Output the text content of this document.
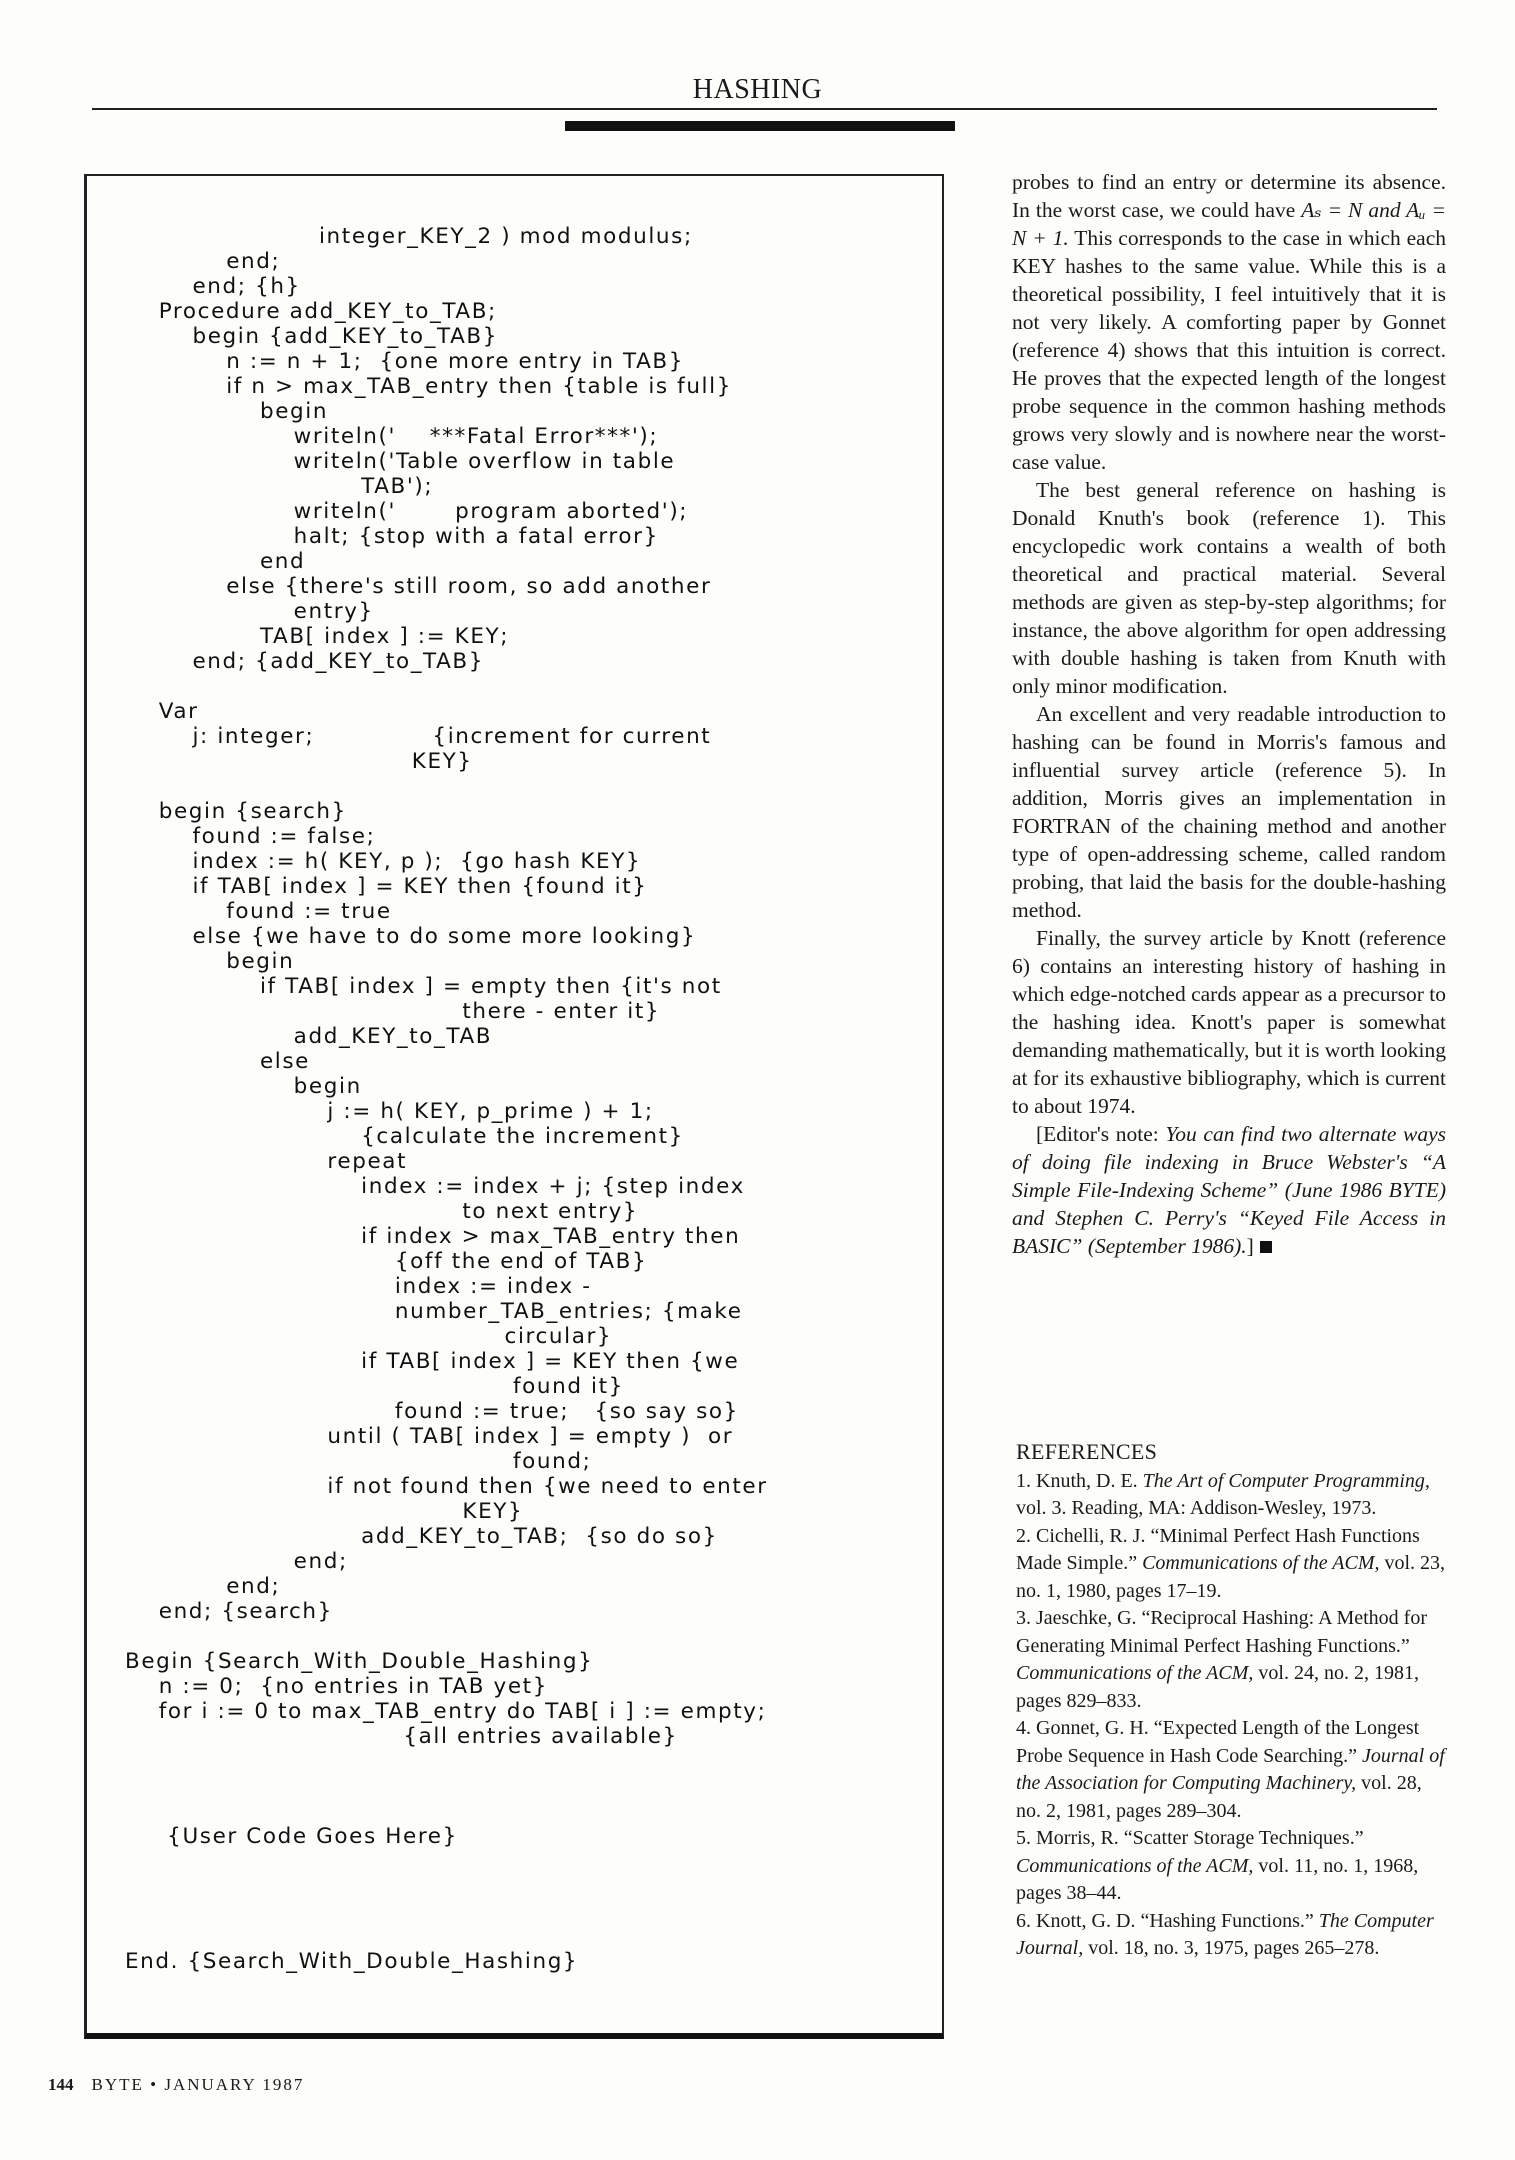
HASHING
integer_KEY_2 ) mod modulus;
end;
end; {h}
Procedure add_KEY_to_TAB;
begin {add_KEY_to_TAB}
n := n + 1;  {one more entry in TAB}
if n > max_TAB_entry then {table is full}
begin
writeln('    ***Fatal Error***');
writeln('Table overflow in table
TAB');
writeln('       program aborted');
halt; {stop with a fatal error}
end
else {there's still room, so add another
entry}
TAB[ index ] := KEY;
end; {add_KEY_to_TAB}

Var
j: integer;              {increment for current
KEY}

begin {search}
found := false;
index := h( KEY, p );  {go hash KEY}
if TAB[ index ] = KEY then {found it}
found := true
else {we have to do some more looking}
begin
if TAB[ index ] = empty then {it's not
there - enter it}
add_KEY_to_TAB
else
begin
j := h( KEY, p_prime ) + 1;
{calculate the increment}
repeat
index := index + j; {step index
to next entry}
if index > max_TAB_entry then
{off the end of TAB}
index := index -
number_TAB_entries; {make
circular}
if TAB[ index ] = KEY then {we
found it}
found := true;   {so say so}
until ( TAB[ index ] = empty )  or
found;
if not found then {we need to enter
KEY}
add_KEY_to_TAB;  {so do so}
end;
end;
end; {search}

Begin {Search_With_Double_Hashing}
n := 0;  {no entries in TAB yet}
for i := 0 to max_TAB_entry do TAB[ i ] := empty;
{all entries available}

{User Code Goes Here}

End. {Search_With_Double_Hashing}

probes to find an entry or determine its absence. In the worst case, we could have Aₛ = N and Aᵤ = N + 1. This corresponds to the case in which each KEY hashes to the same value. While this is a theoretical possibility, I feel intuitively that it is not very likely. A comforting paper by Gonnet (reference 4) shows that this intuition is correct. He proves that the expected length of the longest probe sequence in the common hashing methods grows very slowly and is nowhere near the worst-case value.

The best general reference on hashing is Donald Knuth's book (reference 1). This encyclopedic work contains a wealth of both theoretical and practical material. Several methods are given as step-by-step algorithms; for instance, the above algorithm for open addressing with double hashing is taken from Knuth with only minor modification.

An excellent and very readable introduction to hashing can be found in Morris's famous and influential survey article (reference 5). In addition, Morris gives an implementation in FORTRAN of the chaining method and another type of open-addressing scheme, called random probing, that laid the basis for the double-hashing method.

Finally, the survey article by Knott (reference 6) contains an interesting history of hashing in which edge-notched cards appear as a precursor to the hashing idea. Knott's paper is somewhat demanding mathematically, but it is worth looking at for its exhaustive bibliography, which is current to about 1974.

[Editor's note: You can find two alternate ways of doing file indexing in Bruce Webster's “A Simple File-Indexing Scheme” (June 1986 BYTE) and Stephen C. Perry's “Keyed File Access in BASIC” (September 1986).]

REFERENCES

1. Knuth, D. E. The Art of Computer Programming, vol. 3. Reading, MA: Addison-Wesley, 1973.

2. Cichelli, R. J. “Minimal Perfect Hash Functions Made Simple.” Communications of the ACM, vol. 23, no. 1, 1980, pages 17–19.

3. Jaeschke, G. “Reciprocal Hashing: A Method for Generating Minimal Perfect Hashing Functions.” Communications of the ACM, vol. 24, no. 2, 1981, pages 829–833.

4. Gonnet, G. H. “Expected Length of the Longest Probe Sequence in Hash Code Searching.” Journal of the Association for Computing Machinery, vol. 28, no. 2, 1981, pages 289–304.

5. Morris, R. “Scatter Storage Techniques.” Communications of the ACM, vol. 11, no. 1, 1968, pages 38–44.

6. Knott, G. D. “Hashing Functions.” The Computer Journal, vol. 18, no. 3, 1975, pages 265–278.

144 BYTE • JANUARY 1987
